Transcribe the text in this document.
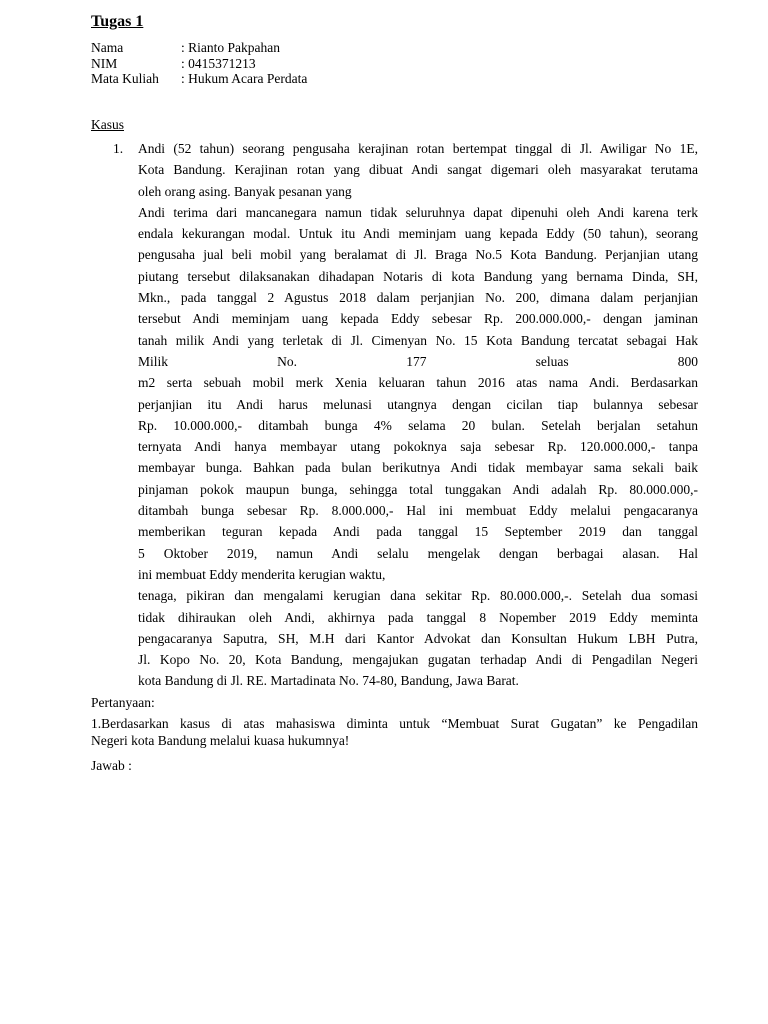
Tugas 1
Nama	: Rianto Pakpahan
NIM	: 0415371213
Mata Kuliah	: Hukum Acara Perdata
Kasus
1.	Andi (52 tahun) seorang pengusaha kerajinan rotan bertempat tinggal di Jl. Awiligar No 1E,
Kota Bandung. Kerajinan rotan yang dibuat Andi sangat digemari oleh masyarakat terutama
oleh orang asing. Banyak pesanan yang
Andi terima dari mancanegara namun tidak seluruhnya dapat dipenuhi oleh Andi karena terk
endala kekurangan modal. Untuk itu Andi meminjam uang kepada Eddy (50 tahun), seorang
pengusaha jual beli mobil yang beralamat di Jl. Braga No.5 Kota Bandung. Perjanjian utang
piutang tersebut dilaksanakan dihadapan Notaris di kota Bandung yang bernama Dinda, SH,
Mkn., pada tanggal 2 Agustus 2018 dalam perjanjian No. 200, dimana dalam perjanjian
tersebut Andi meminjam uang kepada Eddy sebesar Rp. 200.000.000,- dengan jaminan
tanah milik Andi yang terletak di Jl. Cimenyan No. 15 Kota Bandung tercatat sebagai Hak
Milik No. 177 seluas 800
m2 serta sebuah mobil merk Xenia keluaran tahun 2016 atas nama Andi. Berdasarkan
perjanjian itu Andi harus melunasi utangnya dengan cicilan tiap bulannya sebesar
Rp. 10.000.000,- ditambah bunga 4% selama 20 bulan. Setelah berjalan setahun
ternyata Andi hanya membayar utang pokoknya saja sebesar Rp. 120.000.000,- tanpa
membayar bunga. Bahkan pada bulan berikutnya Andi tidak membayar sama sekali baik
pinjaman pokok maupun bunga, sehingga total tunggakan Andi adalah Rp. 80.000.000,-
ditambah bunga sebesar Rp. 8.000.000,- Hal ini membuat Eddy melalui pengacaranya
memberikan teguran kepada Andi pada tanggal 15 September 2019 dan tanggal
5 Oktober 2019, namun Andi selalu mengelak dengan berbagai alasan. Hal
ini membuat Eddy menderita kerugian waktu,
tenaga, pikiran dan mengalami kerugian dana sekitar Rp. 80.000.000,-. Setelah dua somasi
tidak dihiraukan oleh Andi, akhirnya pada tanggal 8 Nopember 2019 Eddy meminta
pengacaranya Saputra, SH, M.H dari Kantor Advokat dan Konsultan Hukum LBH Putra,
Jl. Kopo No. 20, Kota Bandung, mengajukan gugatan terhadap Andi di Pengadilan Negeri
kota Bandung di Jl. RE. Martadinata No. 74-80, Bandung, Jawa Barat.
Pertanyaan:
1.Berdasarkan kasus di atas mahasiswa diminta untuk “Membuat Surat Gugatan” ke Pengadilan
Negeri kota Bandung melalui kuasa hukumnya!
Jawab :
